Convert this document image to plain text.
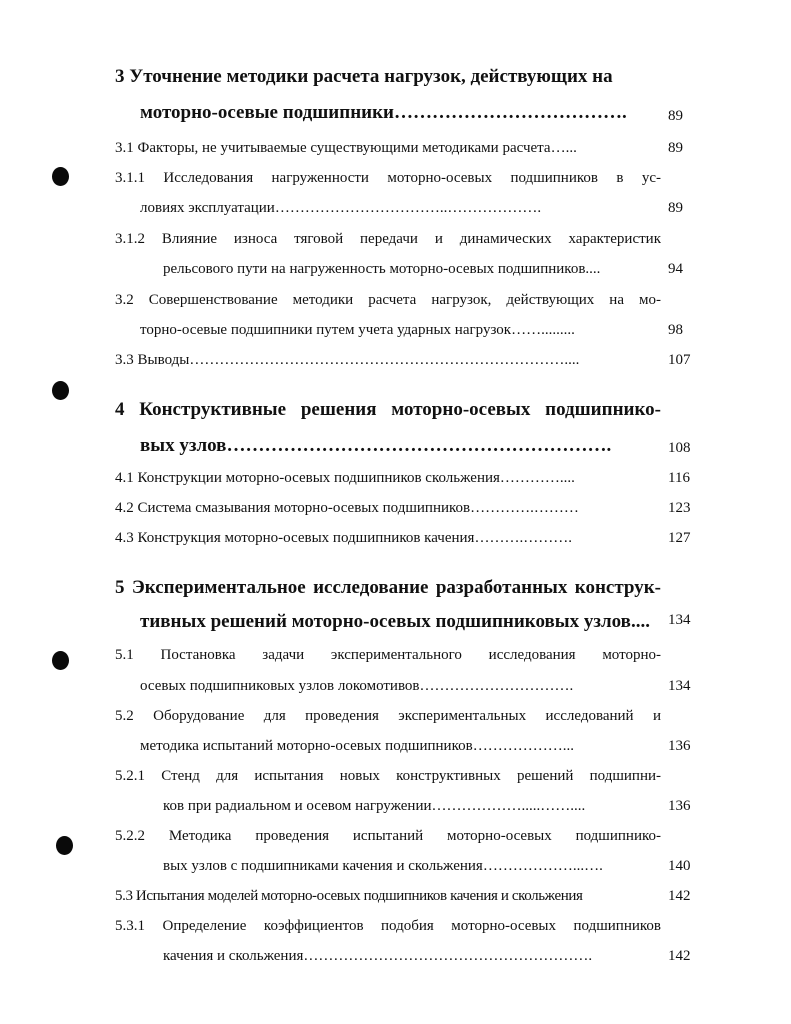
3 Уточнение методики расчета нагрузок, действующих на
моторно-осевые подшипники ……………………………….	89
3.1 Факторы, не учитываемые существующими методиками расчета …...	89
3.1.1 Исследования нагруженности моторно-осевых подшипников в ус-
ловиях эксплуатации ……………………………..……………….	89
3.1.2 Влияние износа тяговой передачи и динамических характеристик
рельсового пути на нагруженность моторно-осевых подшипников ....	94
3.2 Совершенствование методики расчета нагрузок, действующих на мо-
торно-осевые подшипники путем учета ударных нагрузок …….........	98
3.3 Выводы …………………………………………………………………....	107
4 Конструктивные решения моторно-осевых подшипнико-
вых узлов …………………………………………………….	108
4.1 Конструкции моторно-осевых подшипников скольжения …………....	116
4.2 Система смазывания моторно-осевых подшипников ………….………	123
4.3 Конструкция моторно-осевых подшипников качения ……….……….	127
5 Экспериментальное исследование разработанных конструк-
тивных решений моторно-осевых подшипниковых узлов ....	134
5.1 Постановка задачи экспериментального исследования моторно-
осевых подшипниковых узлов локомотивов ………………………….	134
5.2 Оборудование для проведения экспериментальных исследований и
методика испытаний моторно-осевых подшипников ………………...	136
5.2.1 Стенд для испытания новых конструктивных решений подшипни-
ков при радиальном и осевом нагружении ……………….....……....	136
5.2.2 Методика проведения испытаний моторно-осевых подшипнико-
вых узлов с подшипниками качения и скольжения ………………...….	140
5.3 Испытания моделей моторно-осевых подшипников качения и скольжения	142
5.3.1 Определение коэффициентов подобия моторно-осевых подшипников
качения и скольжения ………………………………………………….	142
